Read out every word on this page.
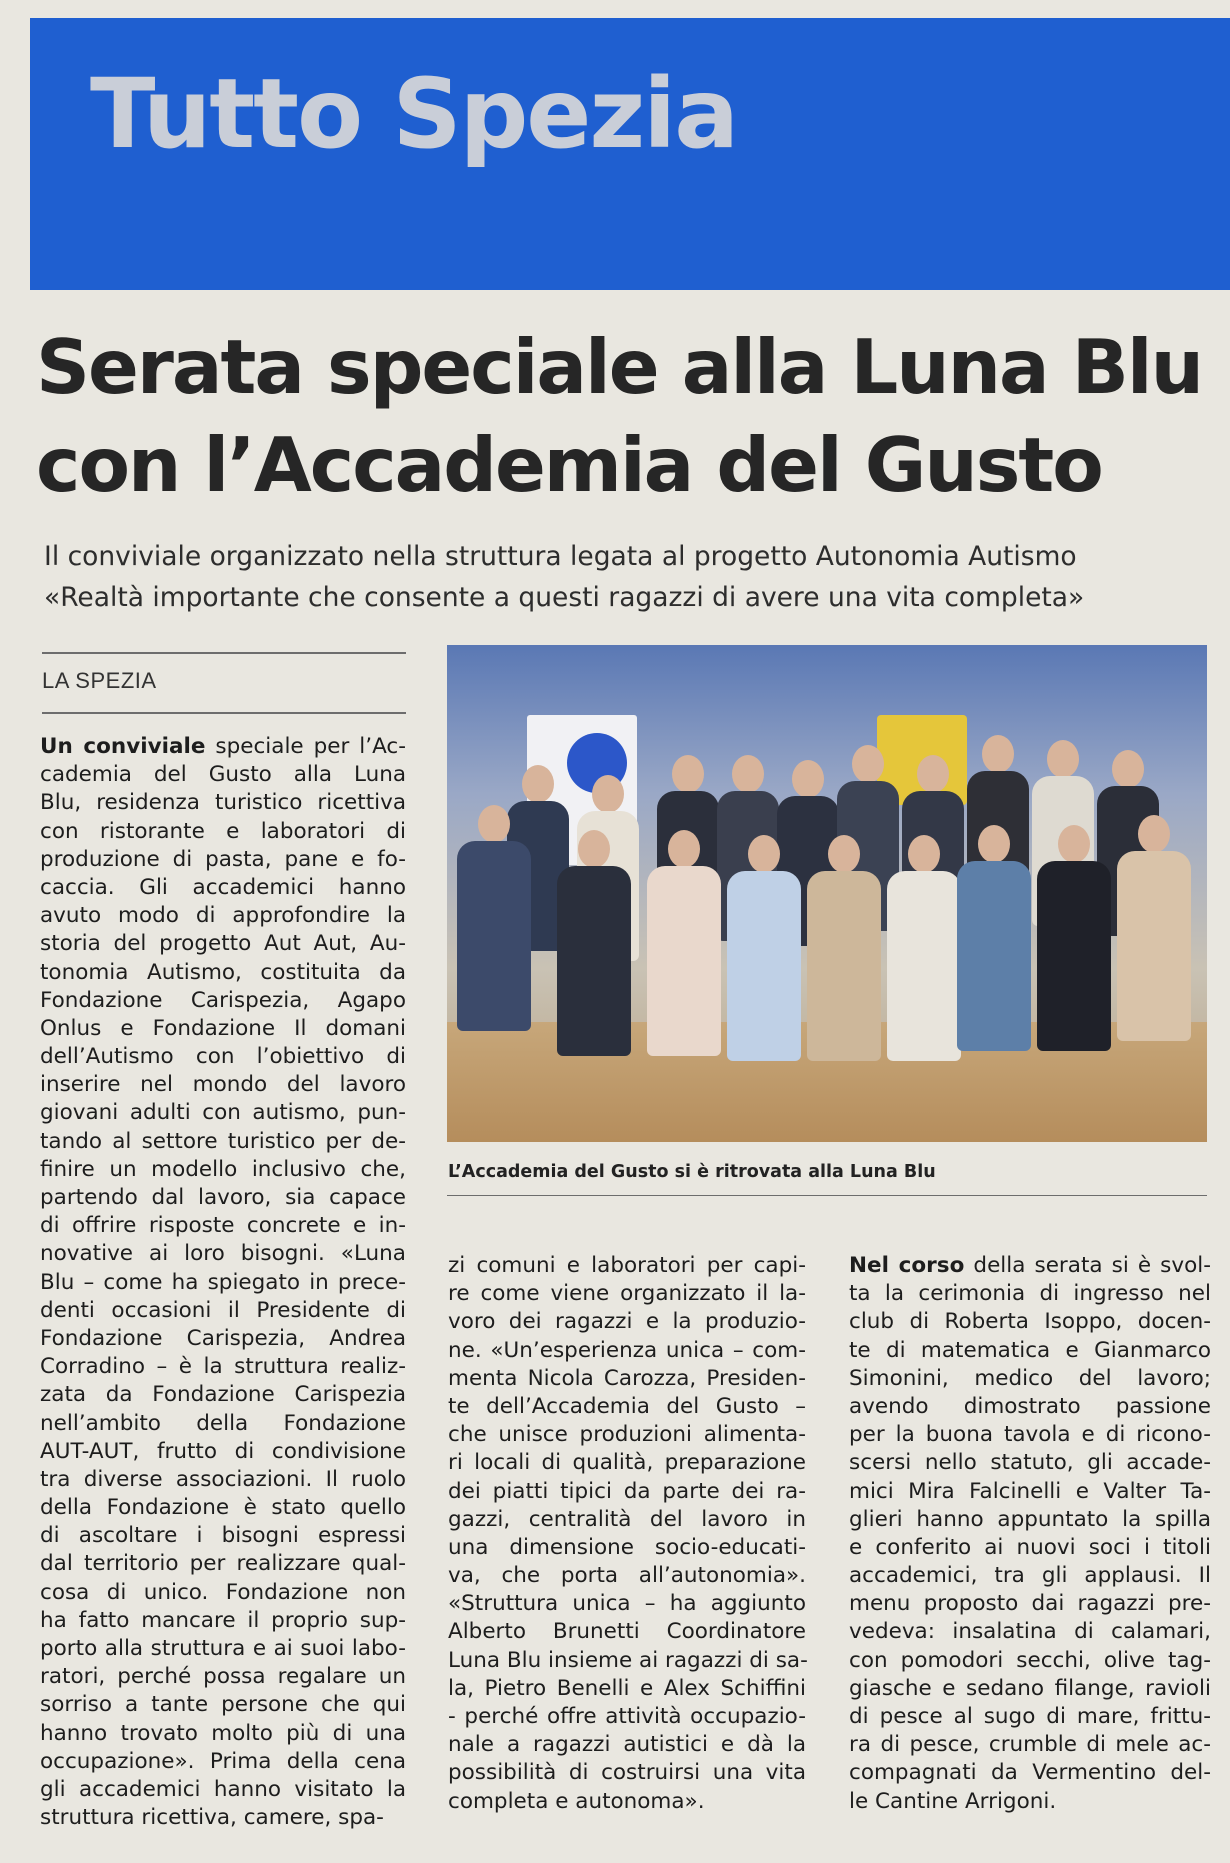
Tutto Spezia
Serata speciale alla Luna Blu
con l’Accademia del Gusto
Il conviviale organizzato nella struttura legata al progetto Autonomia Autismo
«Realtà importante che consente a questi ragazzi di avere una vita completa»
LA SPEZIA
Un conviviale speciale per l’Ac-
cademia del Gusto alla Luna
Blu, residenza turistico ricettiva
con ristorante e laboratori di
produzione di pasta, pane e fo-
caccia. Gli accademici hanno
avuto modo di approfondire la
storia del progetto Aut Aut, Au-
tonomia Autismo, costituita da
Fondazione Carispezia, Agapo
Onlus e Fondazione Il domani
dell’Autismo con l’obiettivo di
inserire nel mondo del lavoro
giovani adulti con autismo, pun-
tando al settore turistico per de-
finire un modello inclusivo che,
partendo dal lavoro, sia capace
di offrire risposte concrete e in-
novative ai loro bisogni. «Luna
Blu – come ha spiegato in prece-
denti occasioni il Presidente di
Fondazione Carispezia, Andrea
Corradino – è la struttura realiz-
zata da Fondazione Carispezia
nell’ambito della Fondazione
AUT-AUT, frutto di condivisione
tra diverse associazioni. Il ruolo
della Fondazione è stato quello
di ascoltare i bisogni espressi
dal territorio per realizzare qual-
cosa di unico. Fondazione non
ha fatto mancare il proprio sup-
porto alla struttura e ai suoi labo-
ratori, perché possa regalare un
sorriso a tante persone che qui
hanno trovato molto più di una
occupazione». Prima della cena
gli accademici hanno visitato la
struttura ricettiva, camere, spa-
L’Accademia del Gusto si è ritrovata alla Luna Blu
zi comuni e laboratori per capi-
re come viene organizzato il la-
voro dei ragazzi e la produzio-
ne. «Un’esperienza unica – com-
menta Nicola Carozza, Presiden-
te dell’Accademia del Gusto –
che unisce produzioni alimenta-
ri locali di qualità, preparazione
dei piatti tipici da parte dei ra-
gazzi, centralità del lavoro in
una dimensione socio-educati-
va, che porta all’autonomia».
«Struttura unica – ha aggiunto
Alberto Brunetti Coordinatore
Luna Blu insieme ai ragazzi di sa-
la, Pietro Benelli e Alex Schiffini
- perché offre attività occupazio-
nale a ragazzi autistici e dà la
possibilità di costruirsi una vita
completa e autonoma».
Nel corso della serata si è svol-
ta la cerimonia di ingresso nel
club di Roberta Isoppo, docen-
te di matematica e Gianmarco
Simonini, medico del lavoro;
avendo dimostrato passione
per la buona tavola e di ricono-
scersi nello statuto, gli accade-
mici Mira Falcinelli e Valter Ta-
glieri hanno appuntato la spilla
e conferito ai nuovi soci i titoli
accademici, tra gli applausi. Il
menu proposto dai ragazzi pre-
vedeva: insalatina di calamari,
con pomodori secchi, olive tag-
giasche e sedano filange, ravioli
di pesce al sugo di mare, frittu-
ra di pesce, crumble di mele ac-
compagnati da Vermentino del-
le Cantine Arrigoni.
